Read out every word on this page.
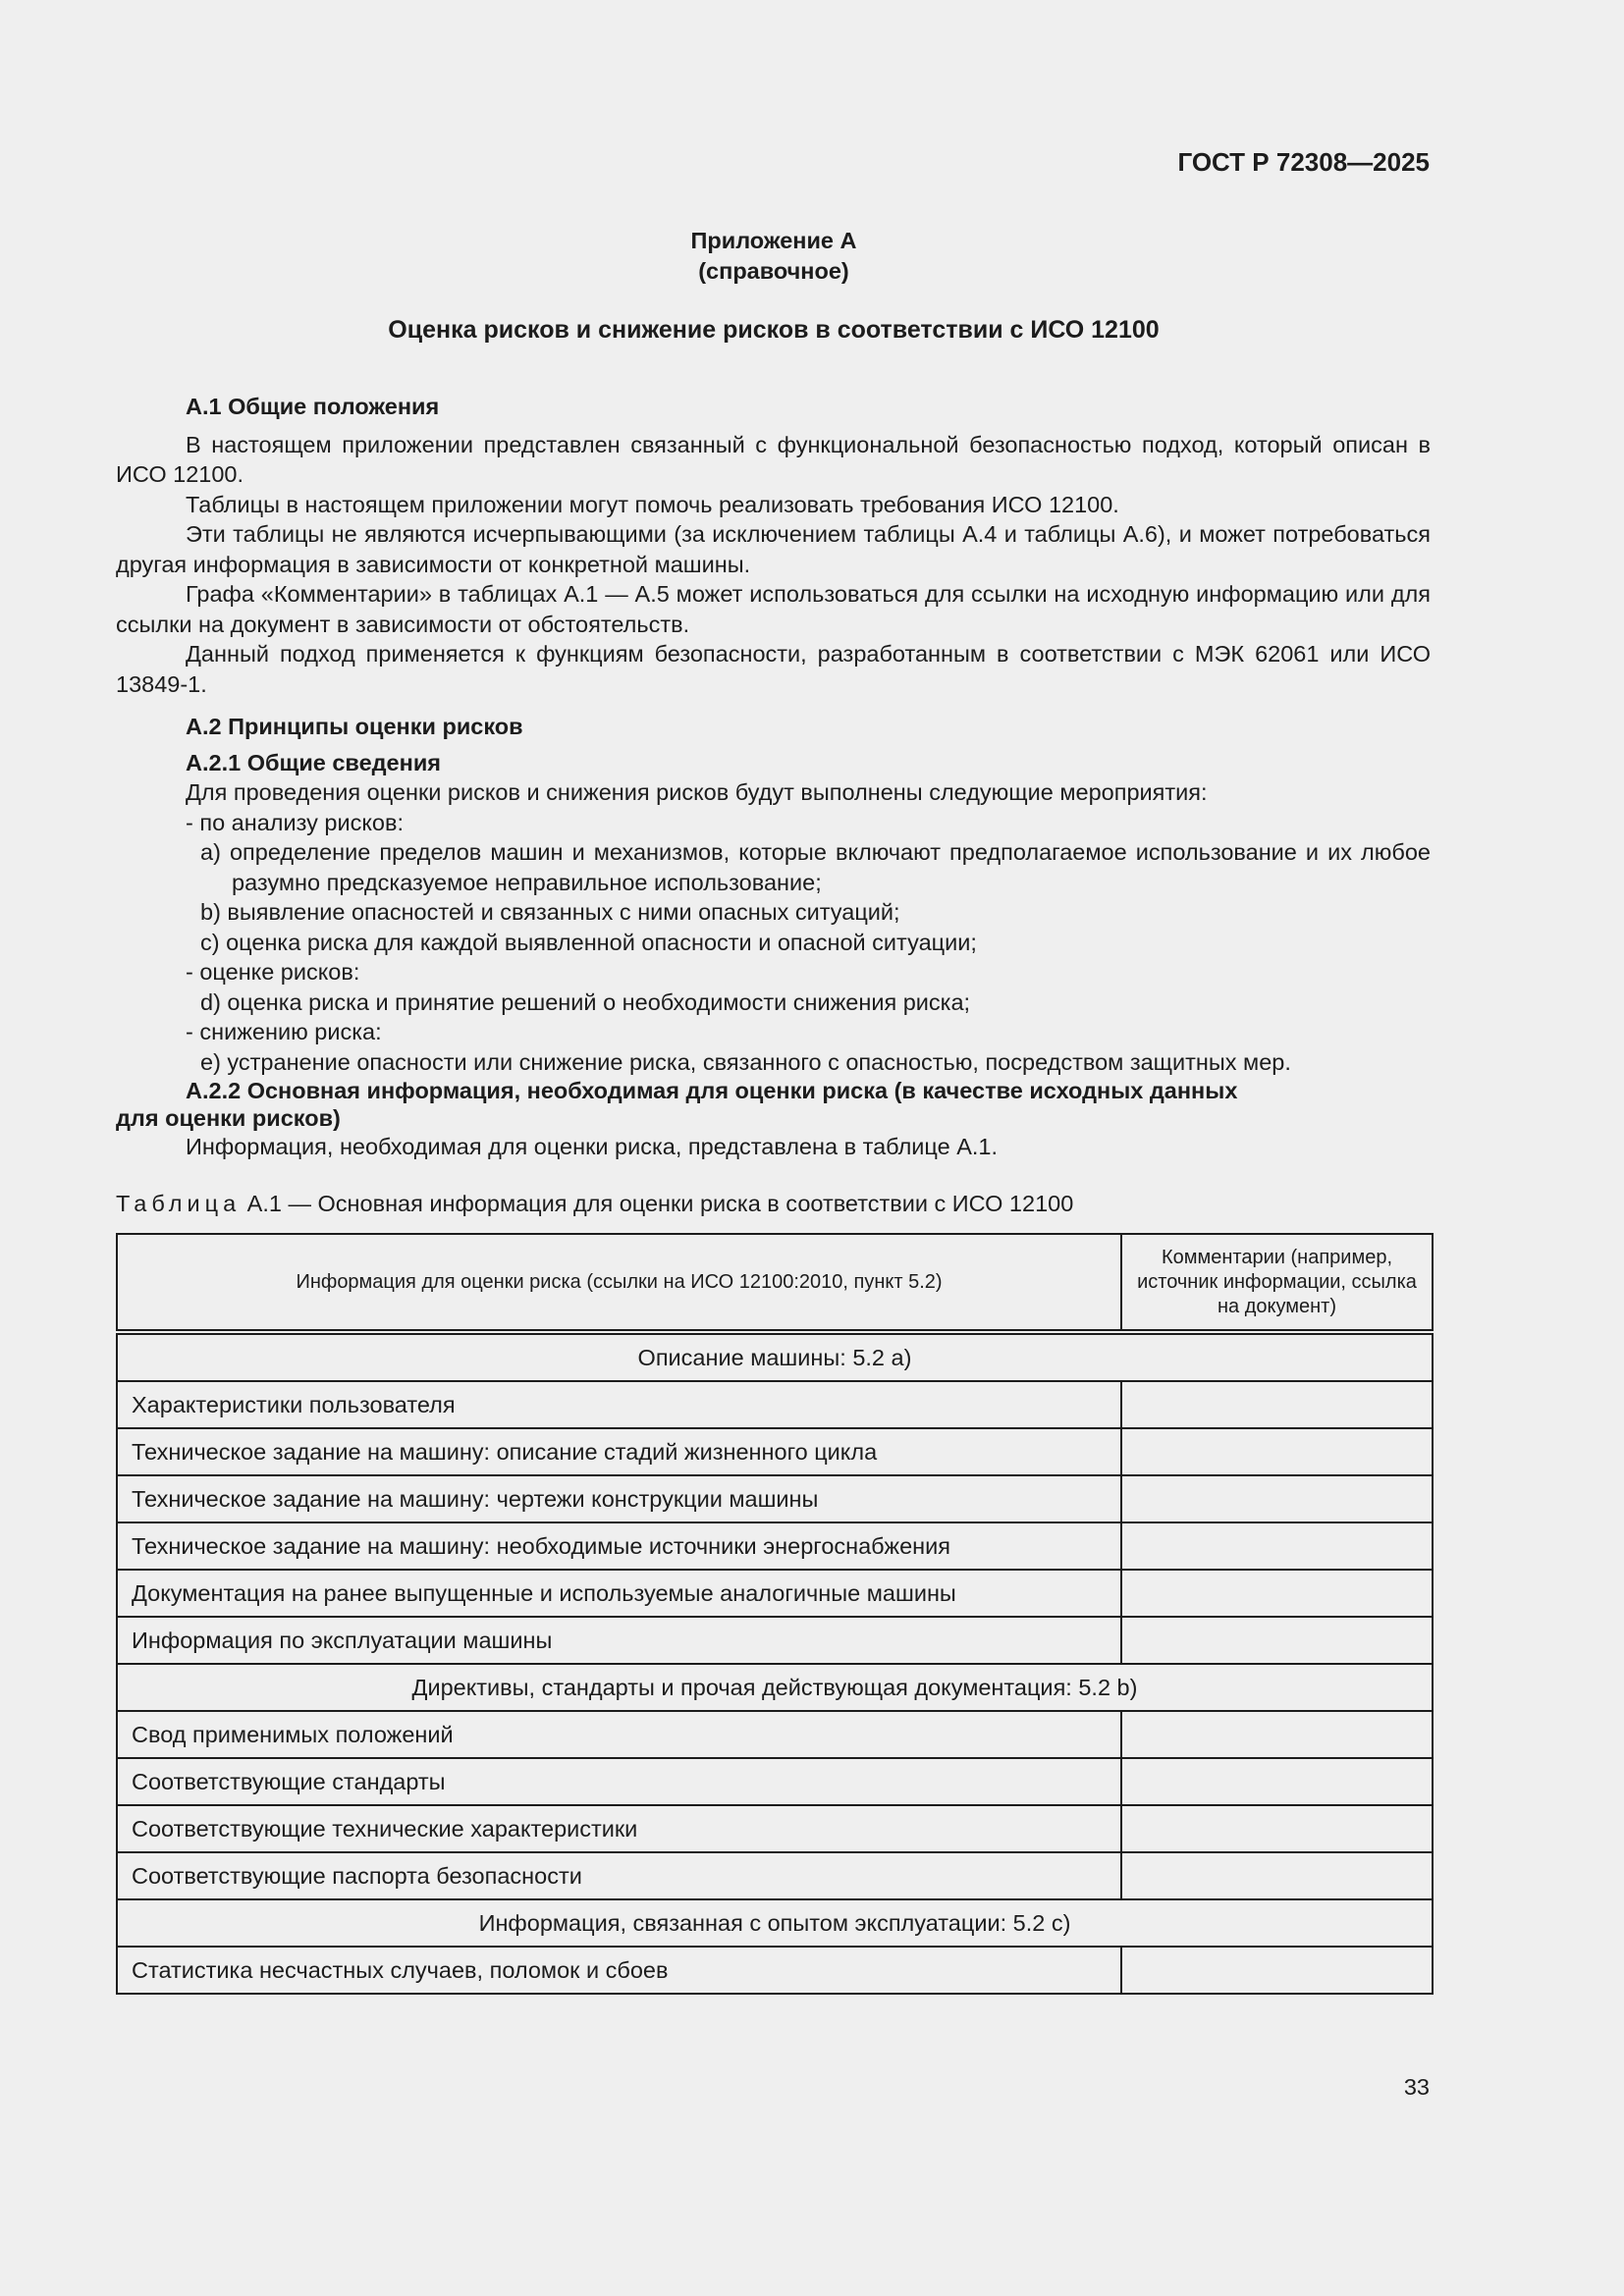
ГОСТ Р 72308—2025
Приложение А
(справочное)
Оценка рисков и снижение рисков в соответствии с ИСО 12100

А.1 Общие положения

В настоящем приложении представлен связанный с функциональной безопасностью подход, который описан в ИСО 12100.

Таблицы в настоящем приложении могут помочь реализовать требования ИСО 12100.

Эти таблицы не являются исчерпывающими (за исключением таблицы А.4 и таблицы А.6), и может потребоваться другая информация в зависимости от конкретной машины.

Графа «Комментарии» в таблицах А.1 — А.5 может использоваться для ссылки на исходную информацию или для ссылки на документ в зависимости от обстоятельств.

Данный подход применяется к функциям безопасности, разработанным в соответствии с МЭК 62061 или ИСО 13849-1.

А.2 Принципы оценки рисков

А.2.1 Общие сведения

Для проведения оценки рисков и снижения рисков будут выполнены следующие мероприятия:

- по анализу рисков:

а) определение пределов машин и механизмов, которые включают предполагаемое использование и их любое разумно предсказуемое неправильное использование;

b) выявление опасностей и связанных с ними опасных ситуаций;

с) оценка риска для каждой выявленной опасности и опасной ситуации;

- оценке рисков:

d) оценка риска и принятие решений о необходимости снижения риска;

- снижению риска:

е) устранение опасности или снижение риска, связанного с опасностью, посредством защитных мер.

А.2.2 Основная информация, необходимая для оценки риска (в качестве исходных данных

для оценки рисков)

Информация, необходимая для оценки риска, представлена в таблице А.1.

Таблица А.1 — Основная информация для оценки риска в соответствии с ИСО 12100
Информация для оценки риска (ссылки на ИСО 12100:2010, пункт 5.2)	Комментарии (например, источник информации, ссылка на документ)
Описание машины: 5.2 а)	
Характеристики пользователя	
Техническое задание на машину: описание стадий жизненного цикла	
Техническое задание на машину: чертежи конструкции машины	
Техническое задание на машину: необходимые источники энергоснабжения	
Документация на ранее выпущенные и используемые аналогичные машины	
Информация по эксплуатации машины	
Директивы, стандарты и прочая действующая документация: 5.2 b)	
Свод применимых положений	
Соответствующие стандарты	
Соответствующие технические характеристики	
Соответствующие паспорта безопасности	
Информация, связанная с опытом эксплуатации: 5.2 с)	
Статистика несчастных случаев, поломок и сбоев	
33
